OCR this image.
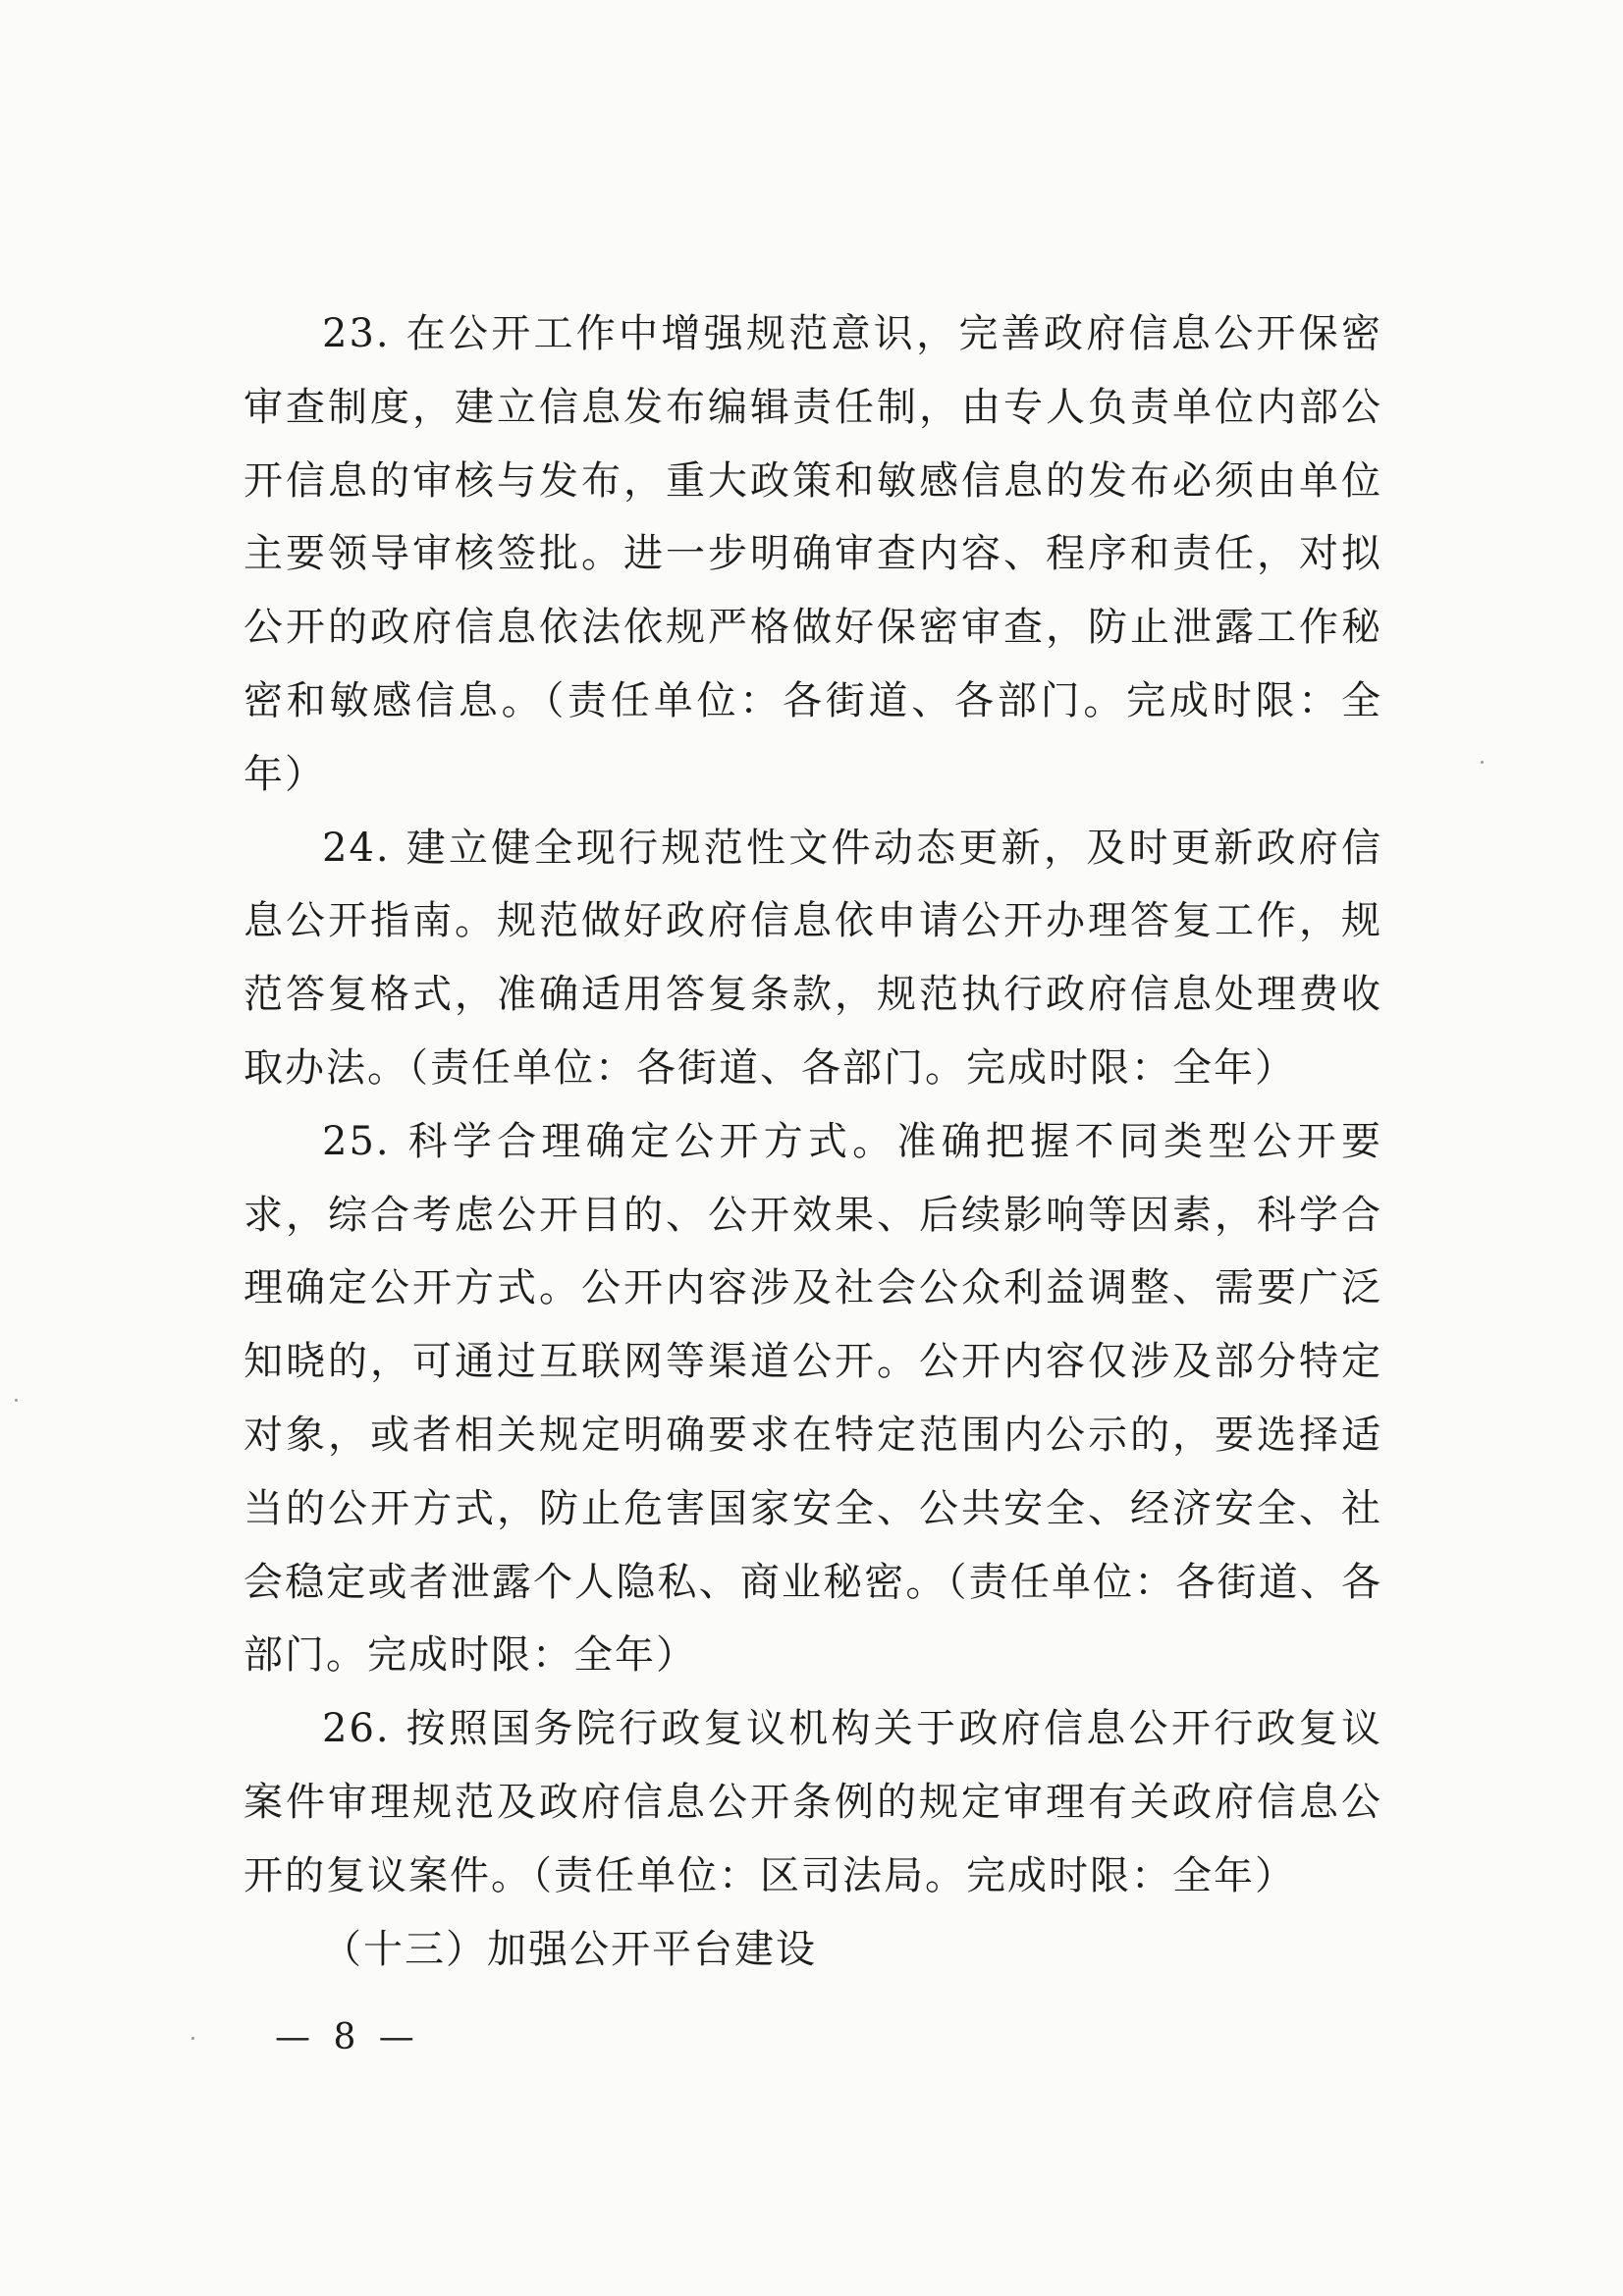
23. 在公开工作中增强规范意识，完善政府信息公开保密审查制度，建立信息发布编辑责任制，由专人负责单位内部公开信息的审核与发布，重大政策和敏感信息的发布必须由单位主要领导审核签批。进一步明确审查内容、程序和责任，对拟公开的政府信息依法依规严格做好保密审查，防止泄露工作秘密和敏感信息。（责任单位：各街道、各部门。完成时限：全年）

24. 建立健全现行规范性文件动态更新，及时更新政府信息公开指南。规范做好政府信息依申请公开办理答复工作，规范答复格式，准确适用答复条款，规范执行政府信息处理费收取办法。（责任单位：各街道、各部门。完成时限：全年）

25. 科学合理确定公开方式。准确把握不同类型公开要求，综合考虑公开目的、公开效果、后续影响等因素，科学合理确定公开方式。公开内容涉及社会公众利益调整、需要广泛知晓的，可通过互联网等渠道公开。公开内容仅涉及部分特定对象，或者相关规定明确要求在特定范围内公示的，要选择适当的公开方式，防止危害国家安全、公共安全、经济安全、社会稳定或者泄露个人隐私、商业秘密。（责任单位：各街道、各部门。完成时限：全年）

26. 按照国务院行政复议机构关于政府信息公开行政复议案件审理规范及政府信息公开条例的规定审理有关政府信息公开的复议案件。（责任单位：区司法局。完成时限：全年）

（十三）加强公开平台建设

— 8 —
